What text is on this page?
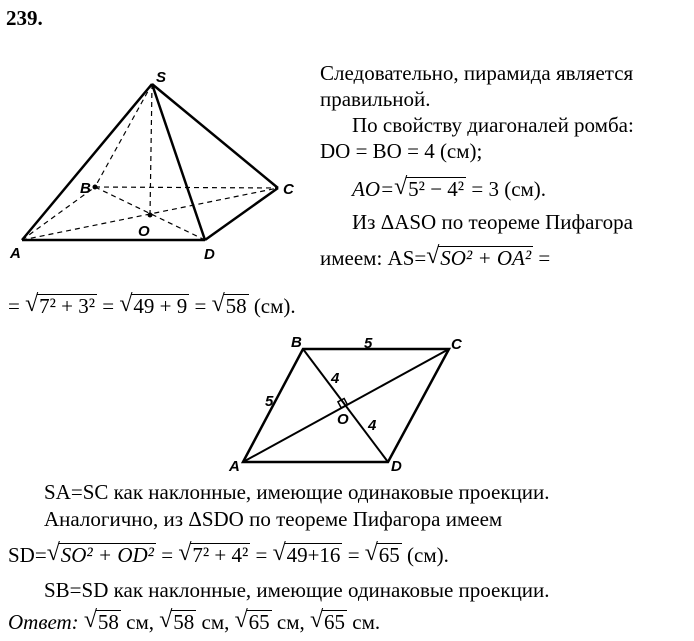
239.
S
B	C
A	D
O
Следовательно, пирамида является
правильной.
По свойству диагоналей ромба:
DO = BO = 4 (см);
AO= √ 5² − 4² = 3 (см).
Из ΔASO по теореме Пифагора
имеем: AS= √ SO² + OA² =
= √ 7² + 3² = √ 49 + 9 = √ 58 (см).
B	C
A	D
O
5
5
4
4
SA=SC как наклонные, имеющие одинаковые проекции.
Аналогично, из ΔSDO по теореме Пифагора имеем
SD= √ SO² + OD² = √ 7² + 4² = √ 49+16 = √ 65 (см).
SB=SD как наклонные, имеющие одинаковые проекции.
Ответ: √ 58 см, √ 58 см, √ 65 см, √ 65 см.
